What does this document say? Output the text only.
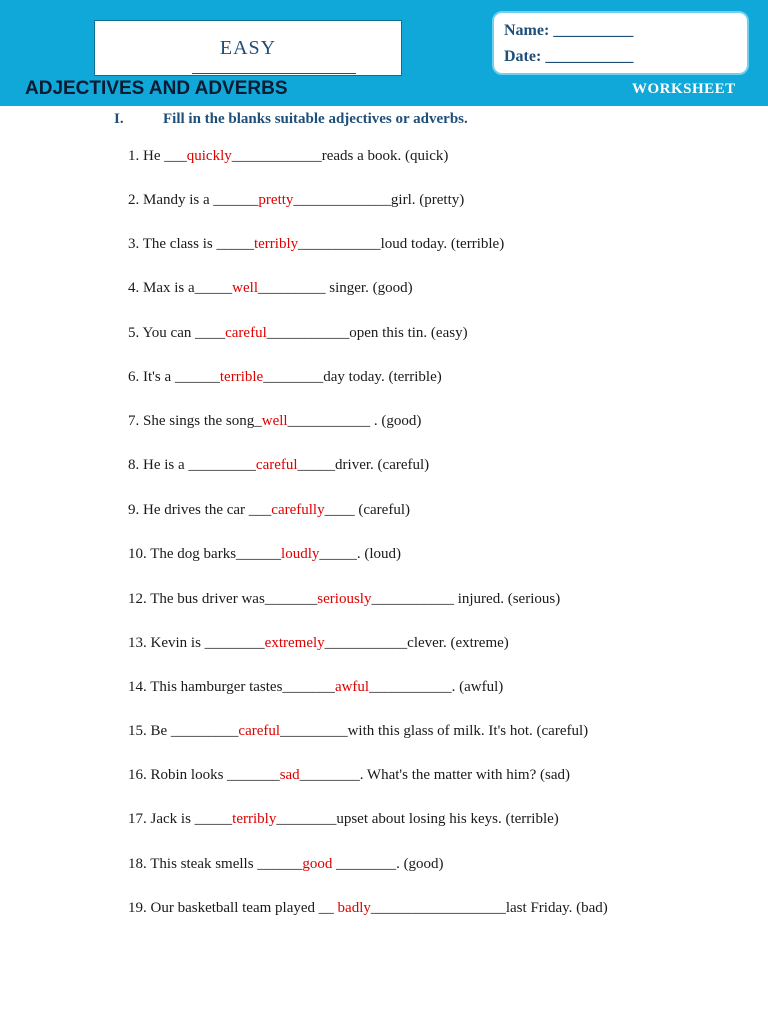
EASY
Name: __________
Date: ___________
ADJECTIVES AND ADVERBS	WORKSHEET
I.	Fill in the blanks suitable adjectives or adverbs.
1. He ___quickly____________reads a book. (quick)
2. Mandy is a ______pretty_____________girl. (pretty)
3. The class is _____terribly___________loud today. (terrible)
4. Max is a_____well_________ singer. (good)
5. You can ____careful___________open this tin. (easy)
6. It's a ______terrible________day today. (terrible)
7. She sings the song_well___________ . (good)
8. He is a _________careful_____driver. (careful)
9. He drives the car ___carefully____ (careful)
10. The dog barks______loudly_____. (loud)
12. The bus driver was_______seriously___________ injured. (serious)
13. Kevin is ________extremely___________clever. (extreme)
14. This hamburger tastes_______awful___________. (awful)
15. Be _________careful_________with this glass of milk. It's hot. (careful)
16. Robin looks _______sad________. What's the matter with him? (sad)
17. Jack is _____terribly________upset about losing his keys. (terrible)
18. This steak smells ______good ________. (good)
19. Our basketball team played __ badly__________________last Friday. (bad)
